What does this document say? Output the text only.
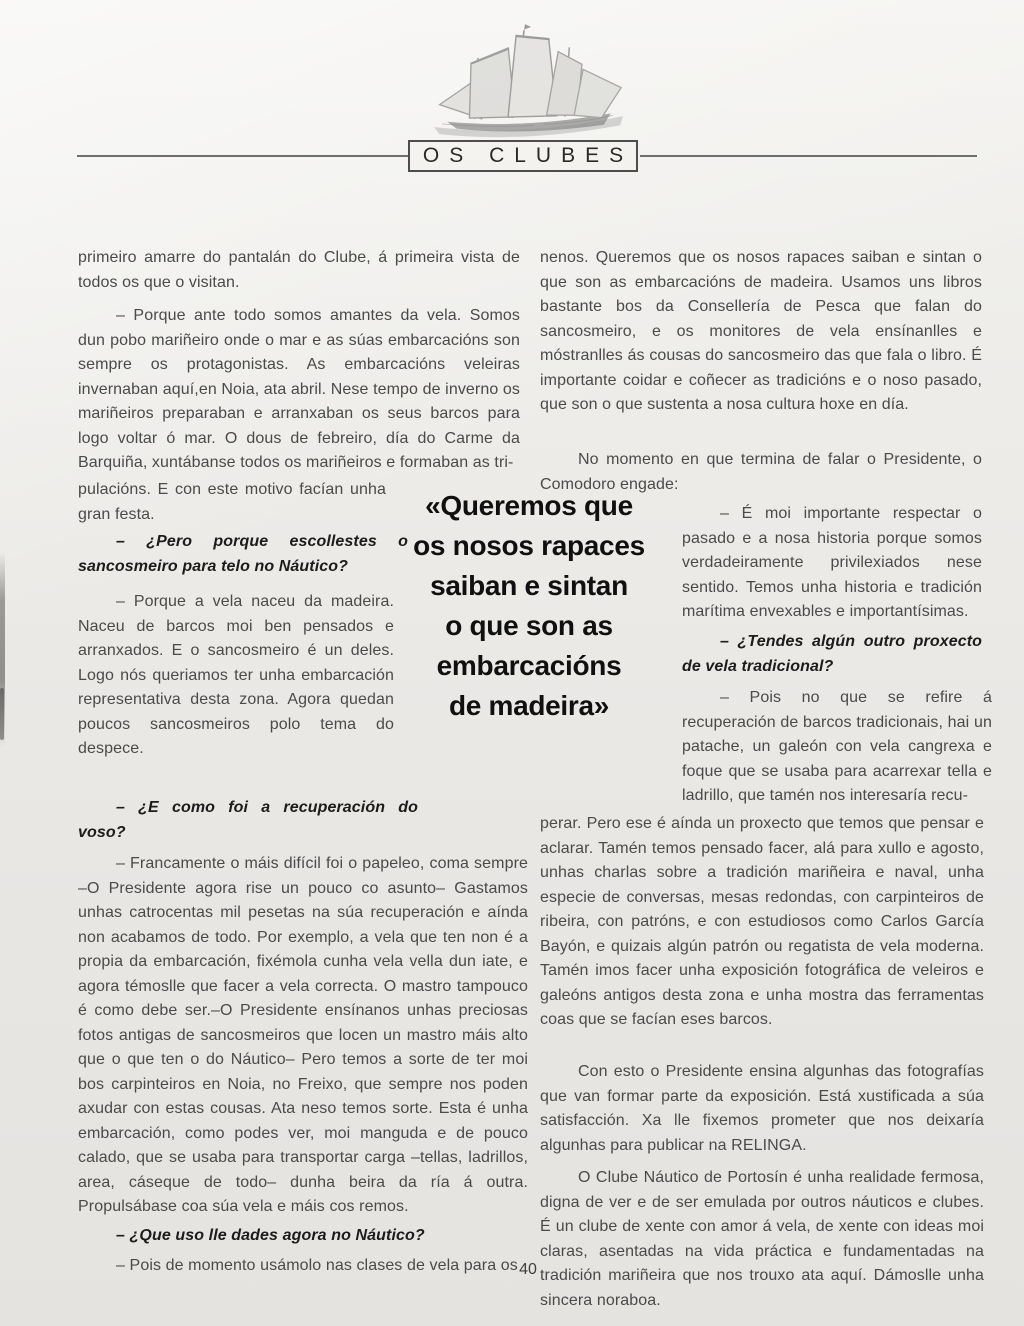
OS CLUBES

primeiro amarre do pantalán do Clube, á primeira vista de todos os que o visitan.

– Porque ante todo somos amantes da vela. Somos dun pobo mariñeiro onde o mar e as súas embarcacións son sempre os protagonistas. As embarcacións veleiras invernaban aquí,en Noia, ata abril. Nese tempo de inverno os mariñeiros preparaban e arranxaban os seus barcos para logo voltar ó mar. O dous de febreiro, día do Carme da Barquiña, xuntábanse todos os mariñeiros e formaban as tri-

pulacións. E con este motivo facían unha gran festa.

– ¿Pero porque escollestes o sancosmeiro para telo no Náutico?

– Porque a vela naceu da madeira. Naceu de barcos moi ben pensados e arranxados. E o sancosmeiro é un deles. Logo nós queriamos ter unha embarcación representativa desta zona. Agora quedan poucos sancosmeiros polo tema do despece.

– ¿E como foi a recuperación do voso?

– Francamente o máis difícil foi o papeleo, coma sempre –O Presidente agora rise un pouco co asunto– Gastamos unhas catrocentas mil pesetas na súa recuperación e aínda non acabamos de todo. Por exemplo, a vela que ten non é a propia da embarcación, fixémola cunha vela vella dun iate, e agora témoslle que facer a vela correcta. O mastro tampouco é como debe ser.–O Presidente ensínanos unhas preciosas fotos antigas de sancosmeiros que locen un mastro máis alto que o que ten o do Náutico– Pero temos a sorte de ter moi bos carpinteiros en Noia, no Freixo, que sempre nos poden axudar con estas cousas. Ata neso temos sorte. Esta é unha embarcación, como podes ver, moi manguda e de pouco calado, que se usaba para transportar carga –tellas, ladrillos, area, cáseque de todo– dunha beira da ría á outra. Propulsábase coa súa vela e máis cos remos.

– ¿Que uso lle dades agora no Náutico?

– Pois de momento usámolo nas clases de vela para os

«Queremos que
os nosos rapaces
saiban e sintan
o que son as
embarcacións
de madeira»

nenos. Queremos que os nosos rapaces saiban e sintan o que son as embarcacións de madeira. Usamos uns libros bastante bos da Consellería de Pesca que falan do sancosmeiro, e os monitores de vela ensínanlles e móstranlles ás cousas do sancosmeiro das que fala o libro. É importante coidar e coñecer as tradicións e o noso pasado, que son o que sustenta a nosa cultura hoxe en día.

No momento en que termina de falar o Presidente, o Comodoro engade:

– É moi importante respectar o pasado e a nosa historia porque somos verdadeiramente privilexiados nese sentido. Temos unha historia e tradición marítima envexables e importantísimas.

– ¿Tendes algún outro proxecto de vela tradicional?

– Pois no que se refire á recuperación de barcos tradicionais, hai un patache, un galeón con vela cangrexa e foque que se usaba para acarrexar tella e ladrillo, que tamén nos interesaría recu-

perar. Pero ese é aínda un proxecto que temos que pensar e aclarar. Tamén temos pensado facer, alá para xullo e agosto, unhas charlas sobre a tradición mariñeira e naval, unha especie de conversas, mesas redondas, con carpinteiros de ribeira, con patróns, e con estudiosos como Carlos García Bayón, e quizais algún patrón ou regatista de vela moderna. Tamén imos facer unha exposición fotográfica de veleiros e galeóns antigos desta zona e unha mostra das ferramentas coas que se facían eses barcos.

Con esto o Presidente ensina algunhas das fotografías que van formar parte da exposición. Está xustificada a súa satisfacción. Xa lle fixemos prometer que nos deixaría algunhas para publicar na RELINGA.

O Clube Náutico de Portosín é unha realidade fermosa, digna de ver e de ser emulada por outros náuticos e clubes. É un clube de xente con amor á vela, de xente con ideas moi claras, asentadas na vida práctica e fundamentadas na tradición mariñeira que nos trouxo ata aquí. Dámoslle unha sincera noraboa.

40
